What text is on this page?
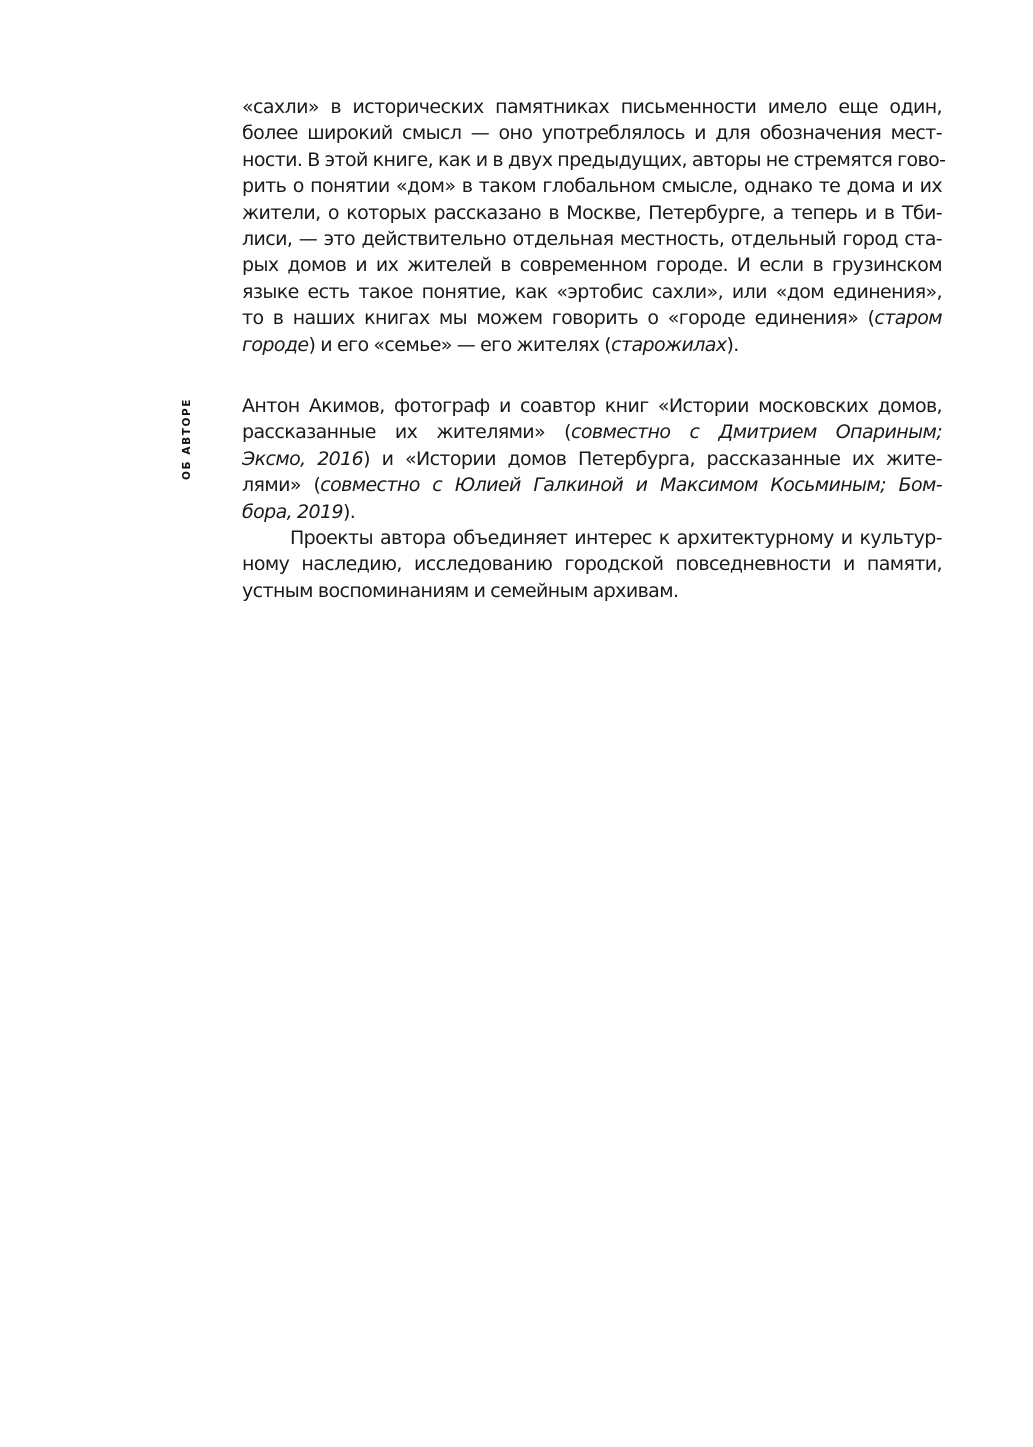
ОБ АВТОРЕ
«сахли» в исторических памятниках письменности имело еще один,
более широкий смысл — оно употреблялось и для обозначения мест-
ности. В этой книге, как и в двух предыдущих, авторы не стремятся гово-
рить о понятии «дом» в таком глобальном смысле, однако те дома и их
жители, о которых рассказано в Москве, Петербурге, а теперь и в Тби-
лиси, — это действительно отдельная местность, отдельный город ста-
рых домов и их жителей в современном городе. И если в грузинском
языке есть такое понятие, как «эртобис сахли», или «дом единения»,
то в наших книгах мы можем говорить о «городе единения» (старом
городе) и его «семье» — его жителях (старожилах).
Антон Акимов, фотограф и соавтор книг «Истории московских домов,
рассказанные их жителями» (совместно с Дмитрием Опариным;
Эксмо, 2016) и «Истории домов Петербурга, рассказанные их жите-
лями» (совместно с Юлией Галкиной и Максимом Косьминым; Бом-
бора, 2019).
Проекты автора объединяет интерес к архитектурному и культур-
ному наследию, исследованию городской повседневности и памяти,
устным воспоминаниям и семейным архивам.
